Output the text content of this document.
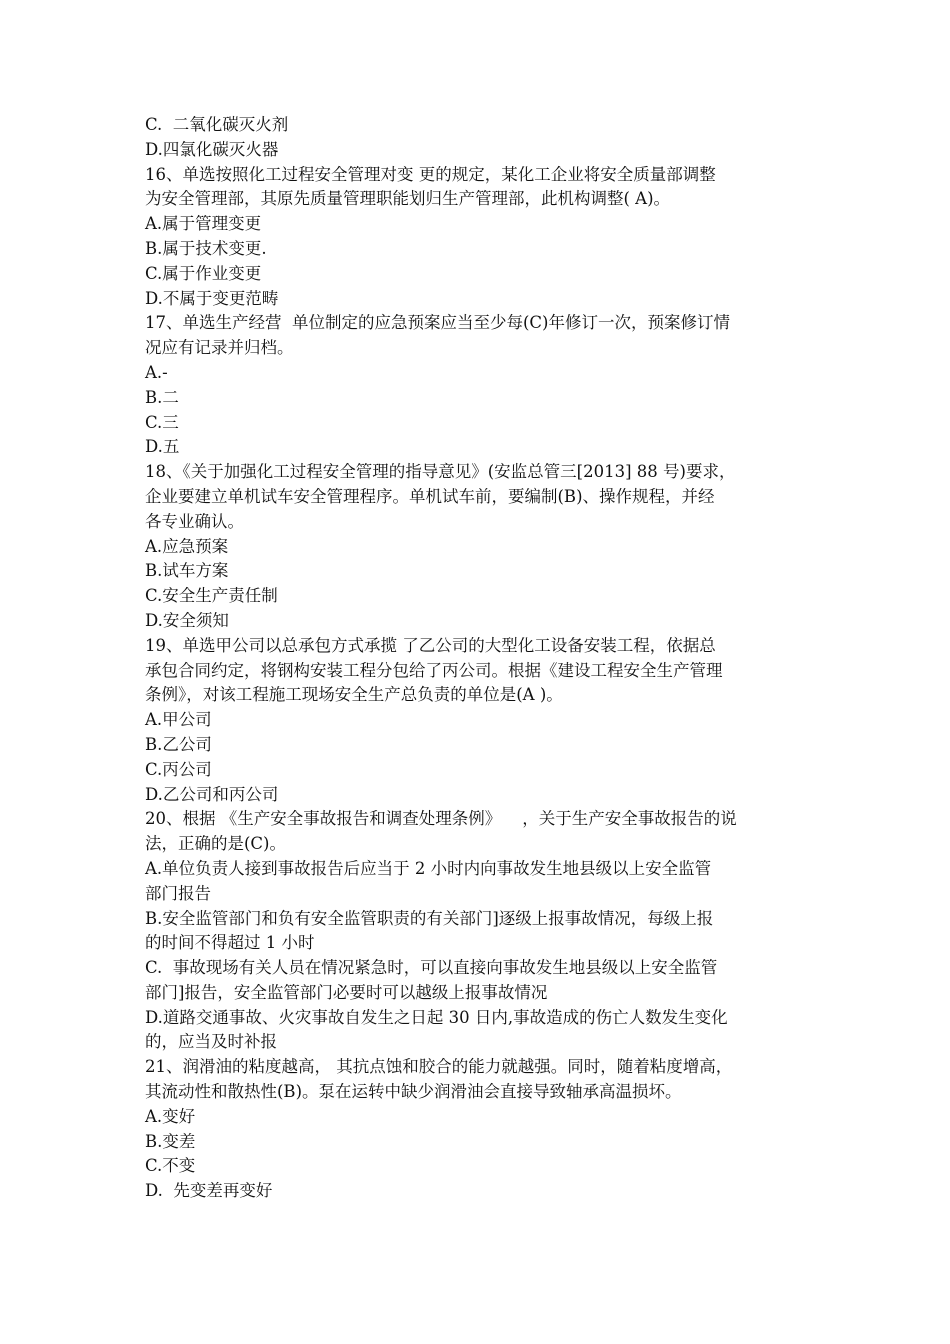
C.  二氧化碳灭火剂
D.四氯化碳灭火器
16、单选按照化工过程安全管理对变 更的规定，某化工企业将安全质量部调整
为安全管理部，其原先质量管理职能划归生产管理部，此机构调整( A)。
A.属于管理变更
B.属于技术变更.
C.属于作业变更
D.不属于变更范畴
17、单选生产经营  单位制定的应急预案应当至少每(C)年修订一次，预案修订情
况应有记录并归档。
A.-
B.二
C.三
D.五
18、《关于加强化工过程安全管理的指导意见》(安监总管三[2013] 88 号)要求，
企业要建立单机试车安全管理程序。单机试车前，要编制(B)、操作规程，并经
各专业确认。
A.应急预案
B.试车方案
C.安全生产责任制
D.安全须知
19、单选甲公司以总承包方式承揽 了乙公司的大型化工设备安装工程，依据总
承包合同约定，将钢构安装工程分包给了丙公司。根据《建设工程安全生产管理
条例》，对该工程施工现场安全生产总负责的单位是(A )。
A.甲公司
B.乙公司
C.丙公司
D.乙公司和丙公司
20、根据 《生产安全事故报告和调查处理条例》    ，关于生产安全事故报告的说
法，正确的是(C)。
A.单位负责人接到事故报告后应当于 2 小时内向事故发生地县级以上安全监管
部门报告
B.安全监管部门和负有安全监管职责的有关部门]逐级上报事故情况，每级上报
的时间不得超过 1 小时
C.  事故现场有关人员在情况紧急时，可以直接向事故发生地县级以上安全监管
部门]报告，安全监管部门必要时可以越级上报事故情况
D.道路交通事故、火灾事故自发生之日起 30 日内,事故造成的伤亡人数发生变化
的，应当及时补报
21、润滑油的粘度越高， 其抗点蚀和胶合的能力就越强。同时，随着粘度增高，
其流动性和散热性(B)。泵在运转中缺少润滑油会直接导致轴承高温损坏。
A.变好
B.变差
C.不变
D.  先变差再变好
